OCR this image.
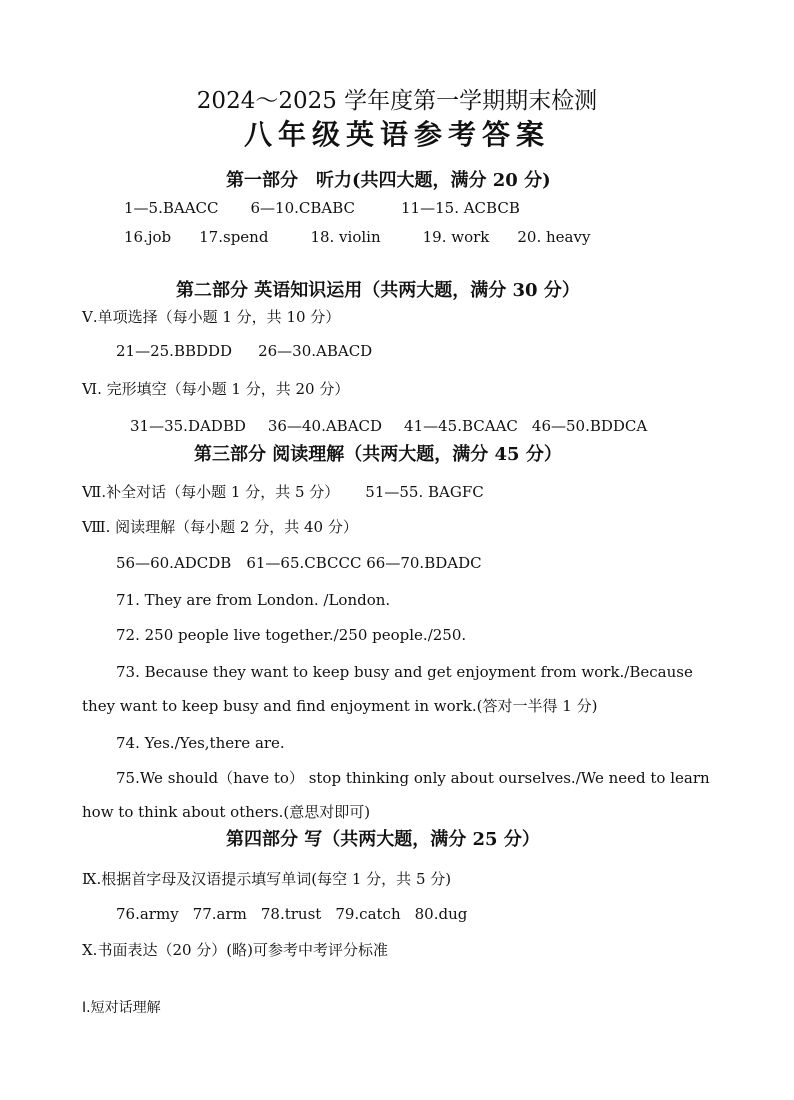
2024～2025 学年度第一学期期末检测
八年级英语参考答案
第一部分　听力(共四大题，满分 20 分)
1—5.BAACC 6—10.CBABC	11—15. ACBCB
16.job 17.spend	18. violin	19. work 20. heavy
第二部分 英语知识运用（共两大题，满分 30 分）
Ⅴ.单项选择（每小题 1 分，共 10 分）
21—25.BBDDD 26—30.ABACD
Ⅵ. 完形填空（每小题 1 分，共 20 分）
31—35.DADBD 36—40.ABACD 41—45.BCAAC 46—50.BDDCA
第三部分 阅读理解（共两大题，满分 45 分）
Ⅶ.补全对话（每小题 1 分，共 5 分） 51—55. BAGFC
Ⅷ. 阅读理解（每小题 2 分，共 40 分）
56—60.ADCDB　61—65.CBCCC 66—70.BDADC
71. They are from London. /London.
72. 250 people live together./250 people./250.
73. Because they want to keep busy and get enjoyment from work./Because they want to keep busy and find enjoyment in work.(答对一半得 1 分)
74. Yes./Yes,there are.
75.We should（have to） stop thinking only about ourselves./We need to learn how to think about others.(意思对即可)
第四部分 写（共两大题，满分 25 分）
Ⅸ.根据首字母及汉语提示填写单词(每空 1 分，共 5 分)
76.army 77.arm 78.trust 79.catch 80.dug
Ⅹ.书面表达（20 分）(略)可参考中考评分标准
Ⅰ.短对话理解
